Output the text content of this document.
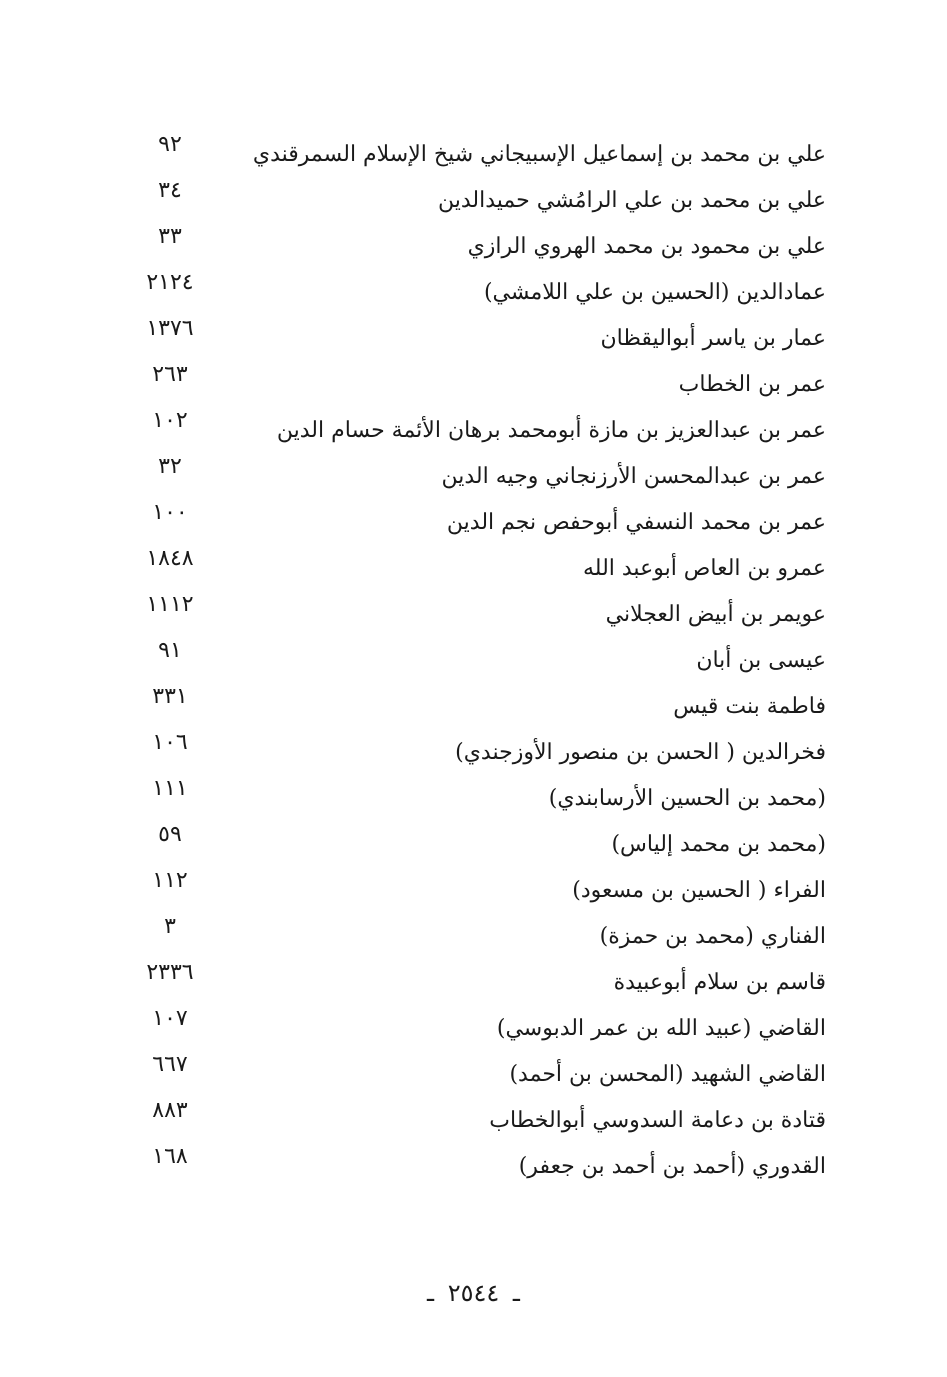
علي بن محمد بن إسماعيل الإسبيجاني شيخ الإسلام السمرقندي
٩٢
علي بن محمد بن علي الرامُشي حميدالدين
٣٤
علي بن محمود بن محمد الهروي الرازي
٣٣
عمادالدين (الحسين بن علي اللامشي)
٢١٢٤
عمار بن ياسر أبواليقظان
١٣٧٦
عمر بن الخطاب
٢٦٣
عمر بن عبدالعزيز بن مازة أبومحمد برهان الأئمة حسام الدين
١٠٢
عمر بن عبدالمحسن الأرزنجاني وجيه الدين
٣٢
عمر بن محمد النسفي أبوحفص نجم الدين
١٠٠
عمرو بن العاص أبوعبد الله
١٨٤٨
عويمر بن أبيض العجلاني
١١١٢
عيسى بن أبان
٩١
فاطمة بنت قيس
٣٣١
فخرالدين ( الحسن بن منصور الأوزجندي)
١٠٦
(محمد بن الحسين الأرسابندي)
١١١
(محمد بن محمد إلياس)
٥٩
الفراء ( الحسين بن مسعود)
١١٢
الفناري (محمد بن حمزة)
٣
قاسم بن سلام أبوعبيدة
٢٣٣٦
القاضي (عبيد الله بن عمر الدبوسي)
١٠٧
القاضي الشهيد (المحسن بن أحمد)
٦٦٧
قتادة بن دعامة السدوسي أبوالخطاب
٨٨٣
القدوري (أحمد بن أحمد بن جعفر)
١٦٨
ـ ٢٥٤٤ ـ
